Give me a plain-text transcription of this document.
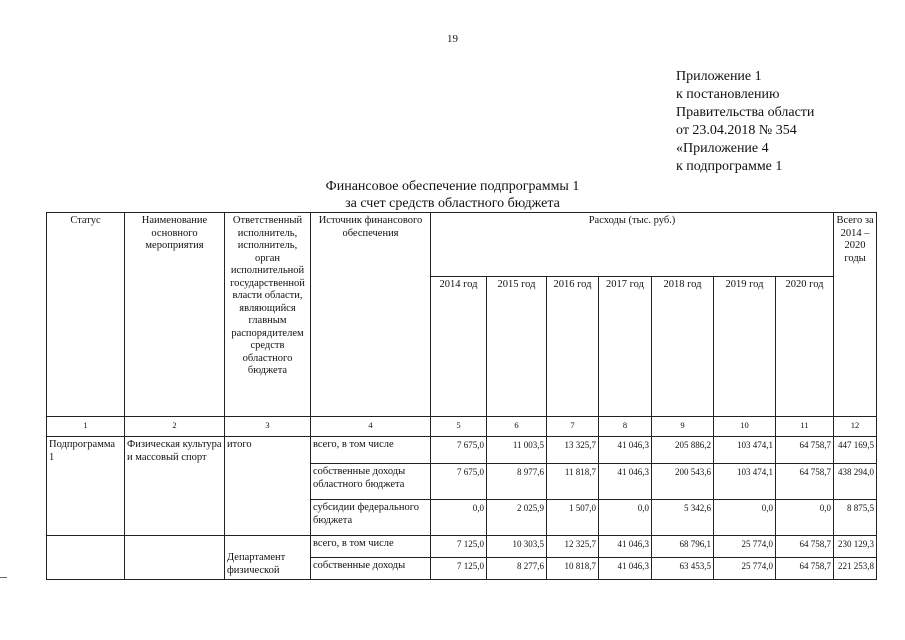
19
Приложение 1
к постановлению
Правительства области
от 23.04.2018 № 354
«Приложение 4
к подпрограмме 1
Финансовое обеспечение подпрограммы 1
за счет средств областного бюджета
Статус	Наименование основного мероприятия	Ответственный исполнитель, исполнитель, орган исполнительной государственной власти области, являющийся главным распорядителем средств областного бюджета	Источник финансового обеспечения	Расходы (тыс. руб.)							Всего за 2014 – 2020 годы
				2014 год	2015 год	2016 год	2017 год	2018 год	2019 год	2020 год	
1	2	3	4	5	6	7	8	9	10	11	12
Подпрограмма 1	Физическая культура и массовый спорт	итого	всего, в том числе	7 675,0	11 003,5	13 325,7	41 046,3	205 886,2	103 474,1	64 758,7	447 169,5
			собственные доходы областного бюджета	7 675,0	8 977,6	11 818,7	41 046,3	200 543,6	103 474,1	64 758,7	438 294,0
			субсидии федерального бюджета	0,0	2 025,9	1 507,0	0,0	5 342,6	0,0	0,0	8 875,5
		Департамент физической	всего, в том числе	7 125,0	10 303,5	12 325,7	41 046,3	68 796,1	25 774,0	64 758,7	230 129,3
			собственные доходы	7 125,0	8 277,6	10 818,7	41 046,3	63 453,5	25 774,0	64 758,7	221 253,8
